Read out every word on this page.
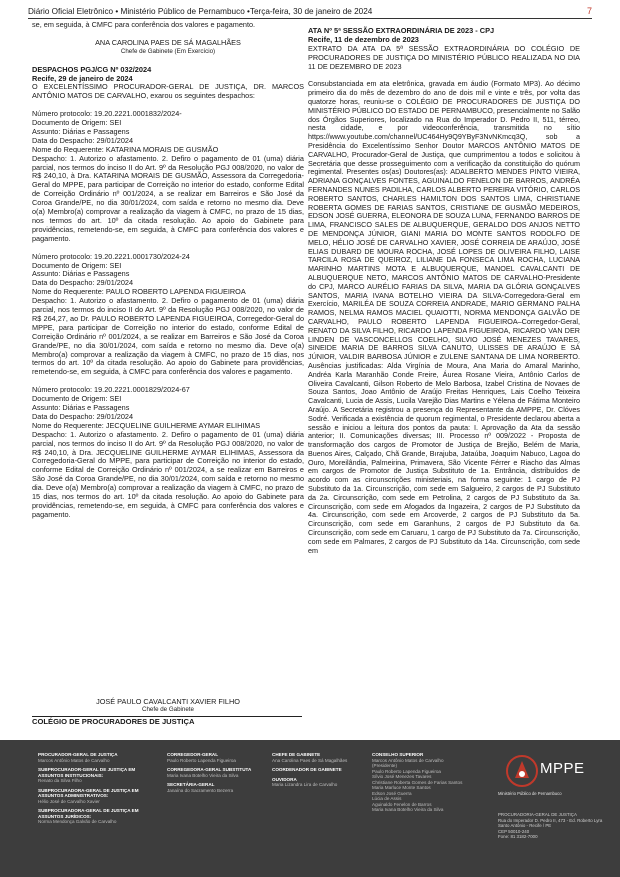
Diário Oficial Eletrônico • Ministério Público de Pernambuco •Terça-feira, 30 de janeiro de 2024	7

se, em seguida, à CMFC para conferência dos valores e pagamento.

ANA CAROLINA PAES DE SÁ MAGALHÃES
Chefe de Gabinete (Em Exercício)

DESPACHOS PGJ/CG Nº 032/2024

Recife, 29 de janeiro de 2024

O EXCELENTÍSSIMO PROCURADOR-GERAL DE JUSTIÇA, DR. MARCOS ANTÔNIO MATOS DE CARVALHO, exarou os seguintes despachos:

Número protocolo: 19.20.2221.0001832/2024-
Documento de Origem: SEI
Assunto: Diárias e Passagens
Data do Despacho: 29/01/2024
Nome do Requerente: KATARINA MORAIS DE GUSMÃO

Despacho: 1. Autorizo o afastamento. 2. Defiro o pagamento de 01 (uma) diária parcial, nos termos do inciso II do Art. 9º da Resolução PGJ 008/2020, no valor de R$ 240,10, à Dra. KATARINA MORAIS DE GUSMÃO, Assessora da Corregedoria-Geral do MPPE, para participar de Correição no interior do estado, conforme Edital de Correição Ordinário nº 001/2024, a se realizar em Barreiros e São José da Coroa Grande/PE, no dia 30/01/2024, com saída e retorno no mesmo dia. Deve o(a) Membro(a) comprovar a realização da viagem à CMFC, no prazo de 15 dias, nos termos do art. 10º da citada resolução. Ao apoio do Gabinete para providências, remetendo-se, em seguida, à CMFC para conferência dos valores e pagamento.

Número protocolo: 19.20.2221.0001730/2024-24
Documento de Origem: SEI
Assunto: Diárias e Passagens
Data do Despacho: 29/01/2024
Nome do Requerente: PAULO ROBERTO LAPENDA FIGUEIROA

Despacho: 1. Autorizo o afastamento. 2. Defiro o pagamento de 01 (uma) diária parcial, nos termos do inciso II do Art. 9º da Resolução PGJ 008/2020, no valor de R$ 264,27, ao Dr. PAULO ROBERTO LAPENDA FIGUEIROA, Corregedor-Geral do MPPE, para participar de Correição no interior do estado, conforme Edital de Correição Ordinário nº 001/2024, a se realizar em Barreiros e São José da Coroa Grande/PE, no dia 30/01/2024, com saída e retorno no mesmo dia. Deve o(a) Membro(a) comprovar a realização da viagem à CMFC, no prazo de 15 dias, nos termos do art. 10º da citada resolução. Ao apoio do Gabinete para providências, remetendo-se, em seguida, à CMFC para conferência dos valores e pagamento.

Número protocolo: 19.20.2221.0001829/2024-67
Documento de Origem: SEI
Assunto: Diárias e Passagens
Data do Despacho: 29/01/2024
Nome do Requerente: JECQUELINE GUILHERME AYMAR ELIHIMAS

Despacho: 1. Autorizo o afastamento. 2. Defiro o pagamento de 01 (uma) diária parcial, nos termos do inciso II do Art. 9º da Resolução PGJ 008/2020, no valor de R$ 240,10, à Dra. JECQUELINE GUILHERME AYMAR ELIHIMAS, Assessora da Corregedoria-Geral do MPPE, para participar de Correição no interior do estado, conforme Edital de Correição Ordinário nº 001/2024, a se realizar em Barreiros e São José da Coroa Grande/PE, no dia 30/01/2024, com saída e retorno no mesmo dia. Deve o(a) Membro(a) comprovar a realização da viagem à CMFC, no prazo de 15 dias, nos termos do art. 10º da citada resolução. Ao apoio do Gabinete para providências, remetendo-se, em seguida, à CMFC para conferência dos valores e pagamento.

JOSÉ PAULO CAVALCANTI XAVIER FILHO
Chefe de Gabinete
COLÉGIO DE PROCURADORES DE JUSTIÇA

ATA Nº 5ª SESSÃO EXTRAORDINÁRIA DE 2023 - CPJ

Recife, 11 de dezembro de 2023

EXTRATO DA ATA DA 5ª SESSÃO EXTRAORDINÁRIA DO COLÉGIO DE PROCURADORES DE JUSTIÇA DO MINISTÉRIO PÚBLICO REALIZADA NO DIA 11 DE DEZEMBRO DE 2023

Consubstanciada em ata eletrônica, gravada em áudio (Formato MP3). Ao décimo primeiro dia do mês de dezembro do ano de dois mil e vinte e três, por volta das quatorze horas, reuniu-se o COLÉGIO DE PROCURADORES DE JUSTIÇA DO MINISTÉRIO PÚBLICO DO ESTADO DE PERNAMBUCO, presencialmente no Salão dos Órgãos Superiores, localizado na Rua do Imperador D. Pedro II, 511, térreo, nesta cidade, e por videoconferência, transmitida no sítio https://www.youtube.com/channel/UC464Hy9Q9YByF3NvNKmcq3Q, sob a Presidência do Excelentíssimo Senhor Doutor MARCOS ANTÔNIO MATOS DE CARVALHO, Procurador-Geral de Justiça, que cumprimentou a todos e solicitou à Secretária que desse prosseguimento com a verificação da constituição do quórum regimental. Presentes os(as) Doutores(as): ADALBERTO MENDES PINTO VIEIRA, ADRIANA GONÇALVES FONTES, AGUINALDO FENELON DE BARROS, ANDRÉA FERNANDES NUNES PADILHA, CARLOS ALBERTO PEREIRA VITÓRIO, CARLOS ROBERTO SANTOS, CHARLES HAMILTON DOS SANTOS LIMA, CHRISTIANE ROBERTA GOMES DE FARIAS SANTOS, CRISTIANE DE GUSMÃO MEDEIROS, EDSON JOSÉ GUERRA, ELEONORA DE SOUZA LUNA, FERNANDO BARROS DE LIMA, FRANCISCO SALES DE ALBUQUERQUE, GERALDO DOS ANJOS NETTO DE MENDONÇA JÚNIOR, GIANI MARIA DO MONTE SANTOS RODOLFO DE MELO, HÉLIO JOSÉ DE CARVALHO XAVIER, JOSÉ CORREIA DE ARAÚJO, JOSÉ ELIAS DUBARD DE MOURA ROCHA, JOSÉ LOPES DE OLIVEIRA FILHO, LAISE TARCILA ROSA DE QUEIROZ, LILIANE DA FONSECA LIMA ROCHA, LUCIANA MARINHO MARTINS MOTA E ALBUQUERQUE, MANOEL CAVALCANTI DE ALBUQUERQUE NETO, MARCOS ANTÔNIO MATOS DE CARVALHO-Presidente do CPJ, MARCO AURÉLIO FARIAS DA SILVA, MARIA DA GLÓRIA GONÇALVES SANTOS, MARIA IVANA BOTELHO VIEIRA DA SILVA-Corregedora-Geral em Exercício, MARILÉA DE SOUZA CORREIA ANDRADE, MARIO GERMANO PALHA RAMOS, NELMA RAMOS MACIEL QUAIOTTI, NORMA MENDONÇA GALVÃO DE CARVALHO, PAULO ROBERTO LAPENDA FIGUEIROA–Corregedor-Geral, RENATO DA SILVA FILHO, RICARDO LAPENDA FIGUEIROA, RICARDO VAN DER LINDEN DE VASCONCELLOS COELHO, SILVIO JOSÉ MENEZES TAVARES, SINEIDE MARIA DE BARROS SILVA CANUTO, ULISSES DE ARAÚJO E SÁ JÚNIOR, VALDIR BARBOSA JÚNIOR e ZULENE SANTANA DE LIMA NORBERTO. Ausências justificadas: Alda Virgínia de Moura, Ana Maria do Amaral Marinho, Andréa Karla Maranhão Conde Freire, Áurea Rosane Vieira, Antônio Carlos de Oliveira Cavalcanti, Gilson Roberto de Melo Barbosa, Izabel Cristina de Novaes de Souza Santos, Joao Antônio de Araújo Freitas Henriques, Lais Coelho Teixeira Cavalcanti, Lucia de Assis, Lucila Varejão Dias Martins e Yélena de Fátima Monteiro Araújo. A Secretária registrou a presença do Representante da AMPPE, Dr. Clóves Sodré. Verificada a existência de quorum regimental, o Presidente declarou aberta a sessão e iniciou a leitura dos pontos da pauta: I. Aprovação da Ata da sessão anterior; II. Comunicações diversas; III. Processo nº 009/2022 - Proposta de transformação dos cargos de Promotor de Justiça de Brejão, Belém de Maria, Buenos Aires, Calçado, Chã Grande, Bırajuba, Jataúba, Joaquim Nabuco, Lagoa do Ouro, Moreilândia, Palmeirina, Primavera, São Vicente Férrer e Riacho das Almas em cargos de Promotor de Justiça Substituto de 1a. Entrância, distribuídos de acordo com as circunscrições ministeriais, na forma seguinte: 1 cargo de PJ Substituto da 1a. Circunscrição, com sede em Salgueiro, 2 cargos de PJ Substituto da 2a. Circunscrição, com sede em Petrolina, 2 cargos de PJ Substituto da 3a. Circunscrição, com sede em Afogados da Ingazeira, 2 cargos de PJ Substituto da 4a. Circunscrição, com sede em Arcoverde, 2 cargos de PJ Substituto da 5a. Circunscrição, com sede em Garanhuns, 2 cargos de PJ Substituto da 6a. Circunscrição, com sede em Caruaru, 1 cargo de PJ Substituto da 7a. Circunscrição, com sede em Palmares, 2 cargos de PJ Substituto da 14a. Circunscrição, com sede em

PROCURADOR-GERAL DE JUSTIÇA
Marcos Antônio Matos de Carvalho
SUBPROCURADOR-GERAL DE JUSTIÇA EM ASSUNTOS INSTITUCIONAIS:
Renato da Silva Filho
SUBPROCURADORA-GERAL DE JUSTIÇA EM ASSUNTOS ADMINISTRATIVOS:
Hélio José de Carvalho Xavier
SUBPROCURADORA-GERAL DE JUSTIÇA EM ASSUNTOS JURÍDICOS:
Norma Mendonça Galvão de Carvalho
CORREGEDOR-GERAL
Paulo Roberto Lapenda Figueiroa
CORREGEDORA-GERAL SUBSTITUTA
Maria Ivana Botelho Vieira da Silva
SECRETÁRIA-GERAL
Janaína do Sacramento Bezerra
CHEFE DE GABINETE
Ana Carolina Paes de Sá Magalhães
COORDENADOR DE GABINETE
OUVIDORA
Maria Lizandra Lira de Carvalho
CONSELHO SUPERIOR
Marcos Antônio Matos de Carvalho
(Presidente)
Paulo Roberto Lapenda Figueiroa
Sílvio José Menezes Tavares
Christiane Roberta Gomes de Farias Santos
Maria Marluce Monte Santos
Edson José Guerra
Lúcia de Assis
Aguinaldo Fenelon de Barros
Maria Ivana Botelho Vieira da Silva
MPPE
Ministério Público de Pernambuco
PROCURADORIA-GERAL DE JUSTIÇA
Rua do Imperador D. Pedro II, 473 - Ed. Roberto Lyra
Santo Antônio - Recife / PE
CEP 50010-240
Fone: 81 3182-7000
